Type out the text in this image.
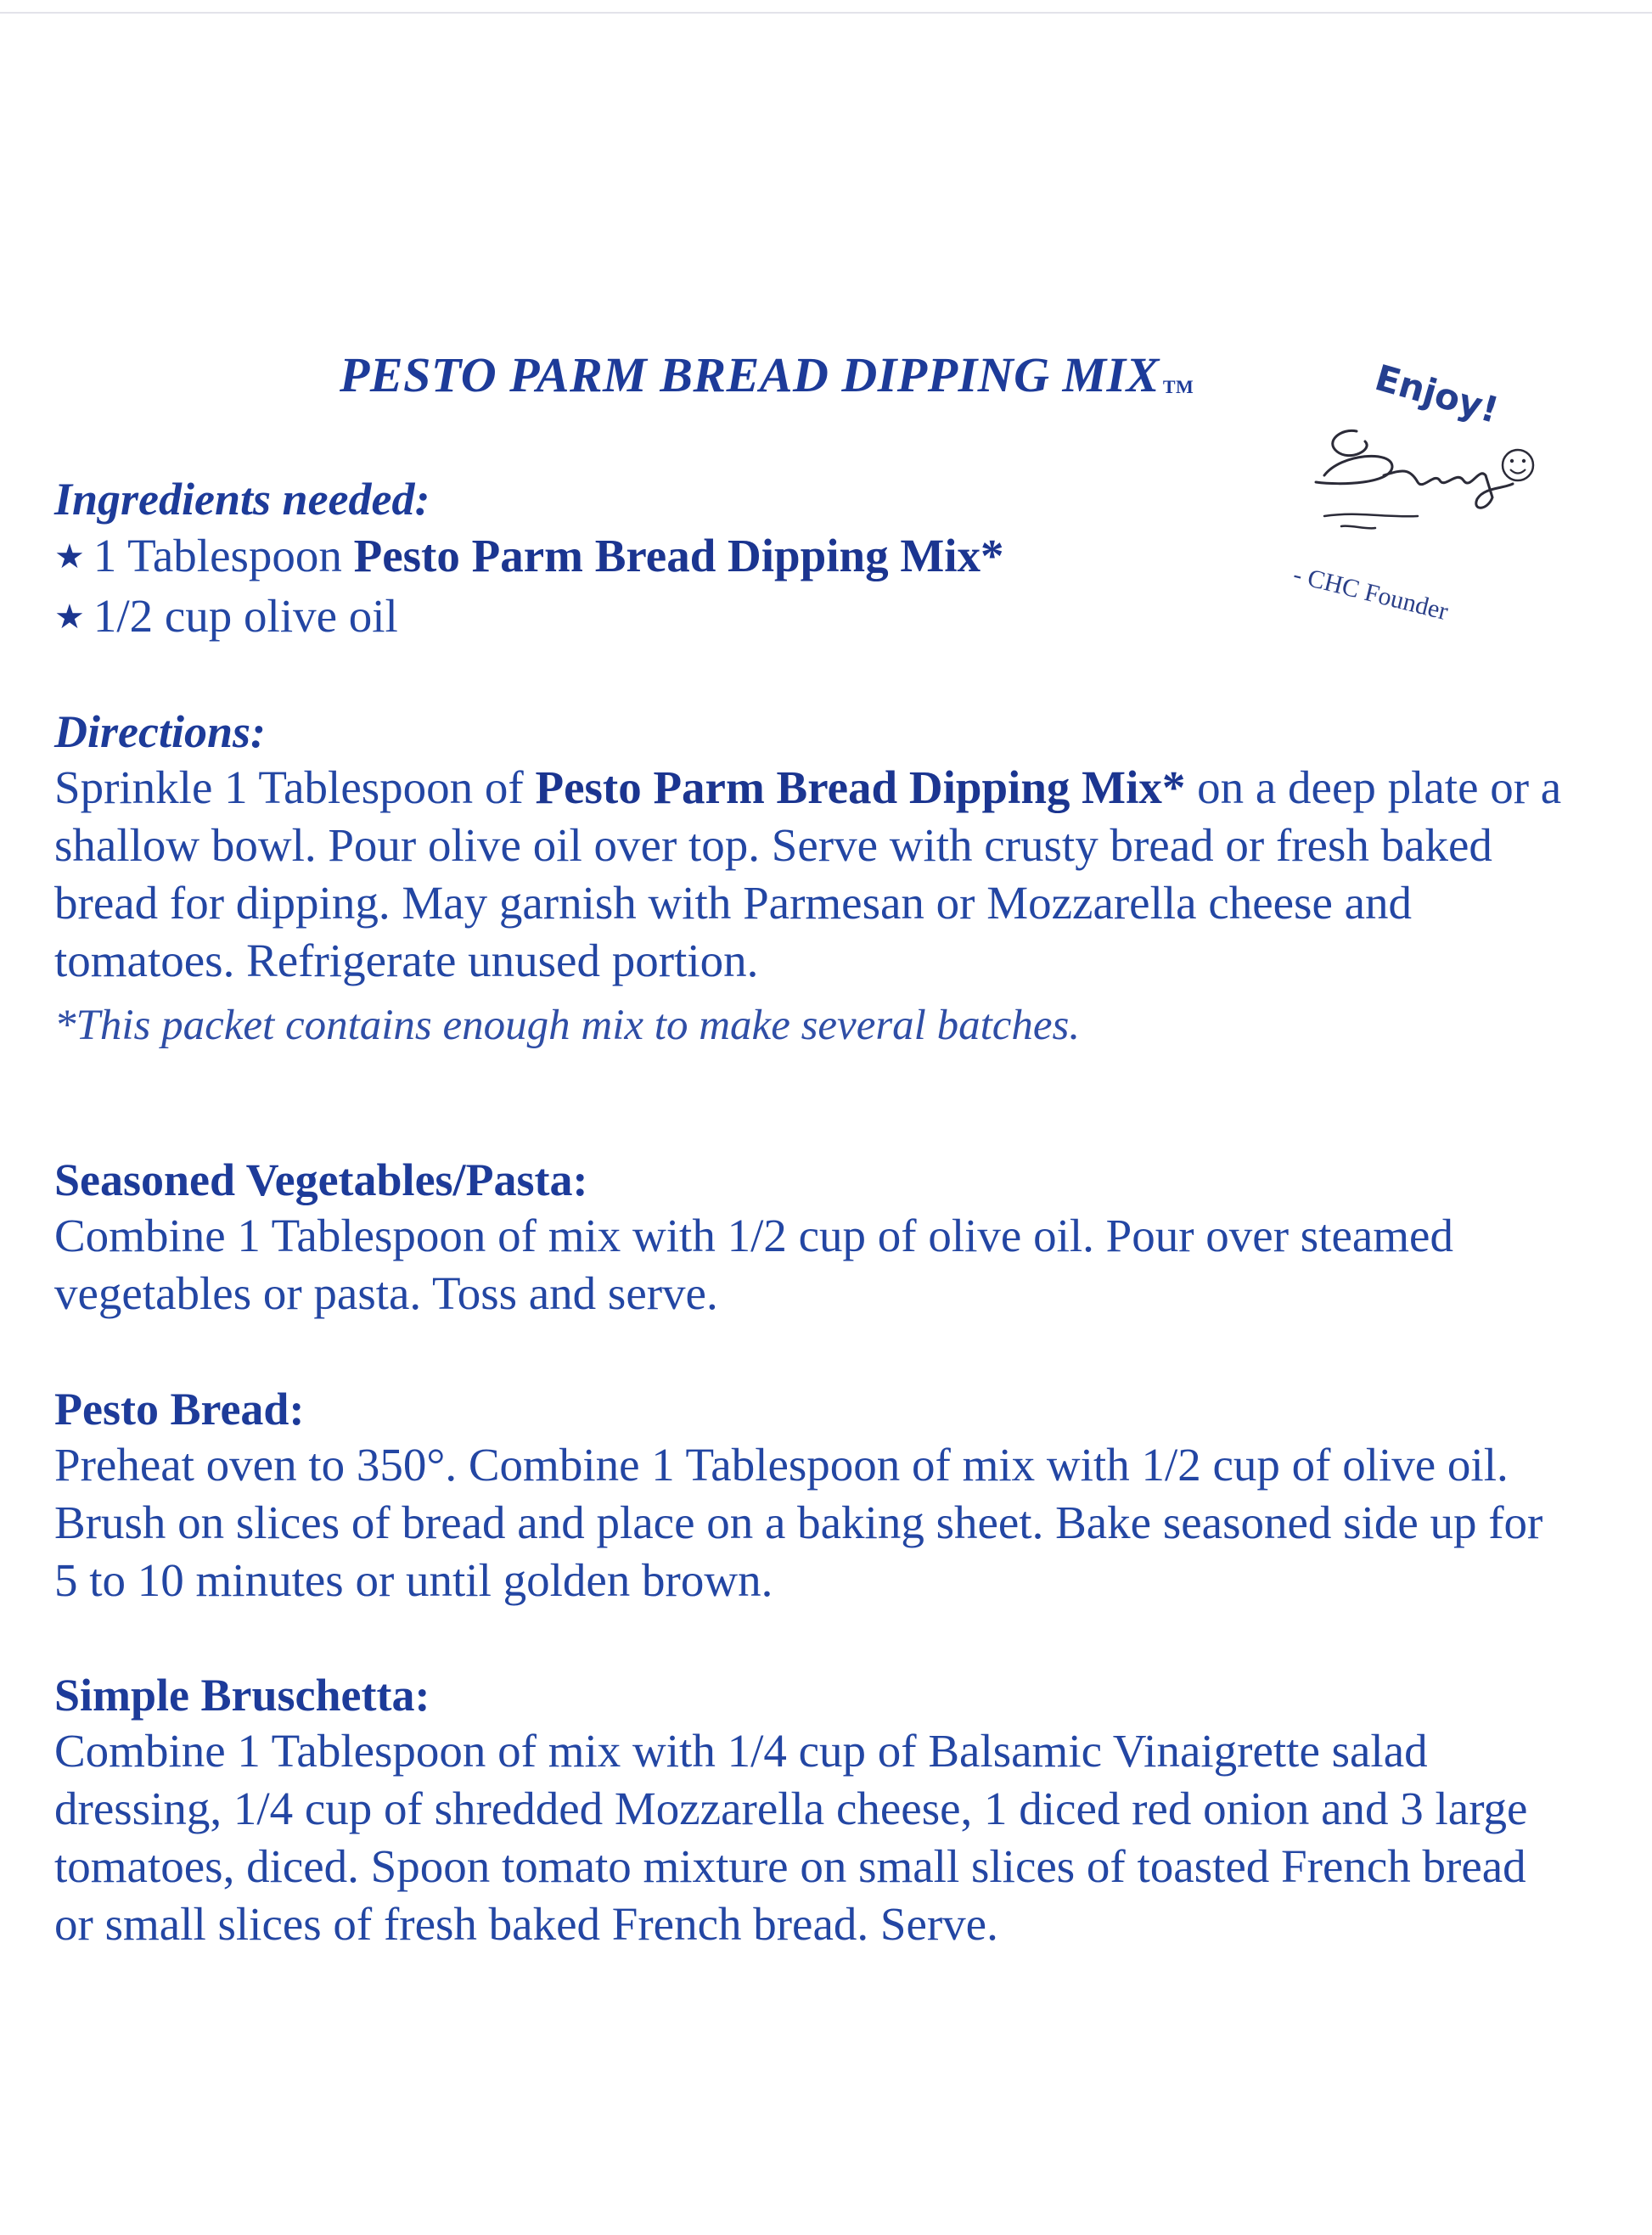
PESTO PARM BREAD DIPPING MIX TM	Enjoy!
- CHC Founder
Ingredients needed:
★ 1 Tablespoon Pesto Parm Bread Dipping Mix*
★ 1/2 cup olive oil
Directions:

Sprinkle 1 Tablespoon of Pesto Parm Bread Dipping Mix* on a deep plate or a shallow bowl. Pour olive oil over top. Serve with crusty bread or fresh baked bread for dipping. May garnish with Parmesan or Mozzarella cheese and tomatoes. Refrigerate unused portion.

*This packet contains enough mix to make several batches.
Seasoned Vegetables/Pasta:

Combine 1 Tablespoon of mix with 1/2 cup of olive oil. Pour over steamed vegetables or pasta. Toss and serve.

Pesto Bread:

Preheat oven to 350°. Combine 1 Tablespoon of mix with 1/2 cup of olive oil. Brush on slices of bread and place on a baking sheet. Bake seasoned side up for 5 to 10 minutes or until golden brown.

Simple Bruschetta:

Combine 1 Tablespoon of mix with 1/4 cup of Balsamic Vinaigrette salad dressing, 1/4 cup of shredded Mozzarella cheese, 1 diced red onion and 3 large tomatoes, diced. Spoon tomato mixture on small slices of toasted French bread or small slices of fresh baked French bread. Serve.
